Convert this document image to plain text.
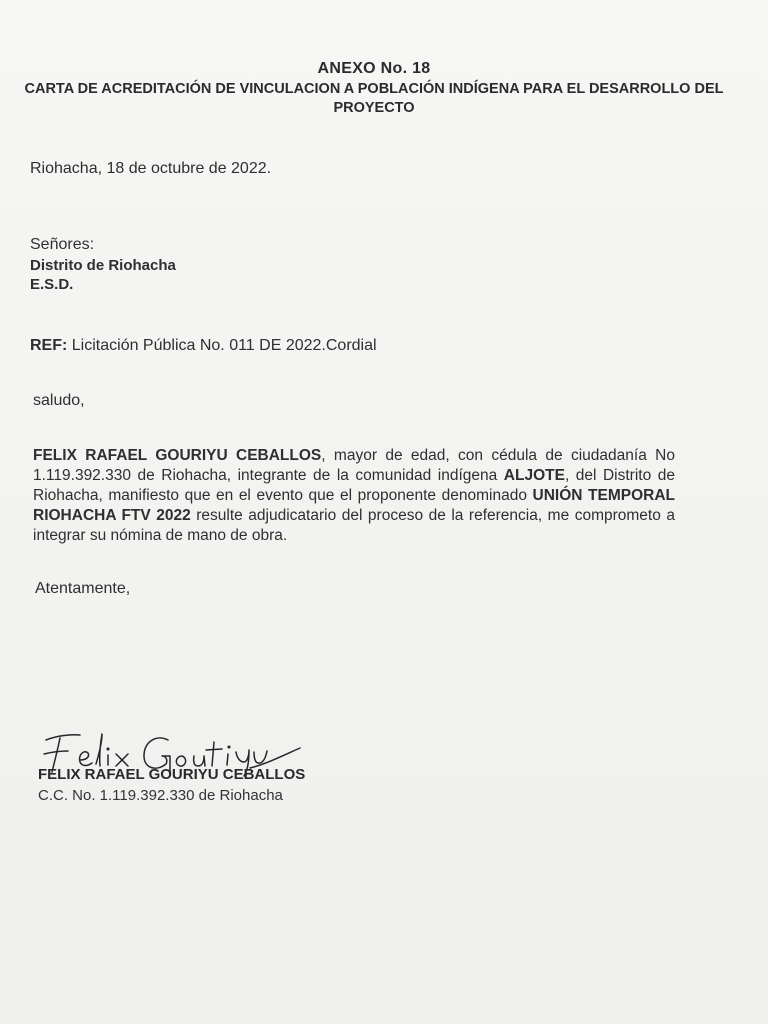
ANEXO No. 18
CARTA DE ACREDITACIÓN DE VINCULACION A POBLACIÓN INDÍGENA PARA EL DESARROLLO DEL PROYECTO
Riohacha, 18 de octubre de 2022.
Señores:
Distrito de Riohacha
E.S.D.
REF: Licitación Pública No. 011 DE 2022.Cordial
saludo,
FELIX RAFAEL GOURIYU CEBALLOS, mayor de edad, con cédula de ciudadanía No 1.119.392.330 de Riohacha, integrante de la comunidad indígena ALJOTE, del Distrito de Riohacha, manifiesto que en el evento que el proponente denominado UNIÓN TEMPORAL RIOHACHA FTV 2022 resulte adjudicatario del proceso de la referencia, me comprometo a integrar su nómina de mano de obra.
Atentamente,
FELIX RAFAEL GOURIYU CEBALLOS
C.C. No. 1.119.392.330 de Riohacha
